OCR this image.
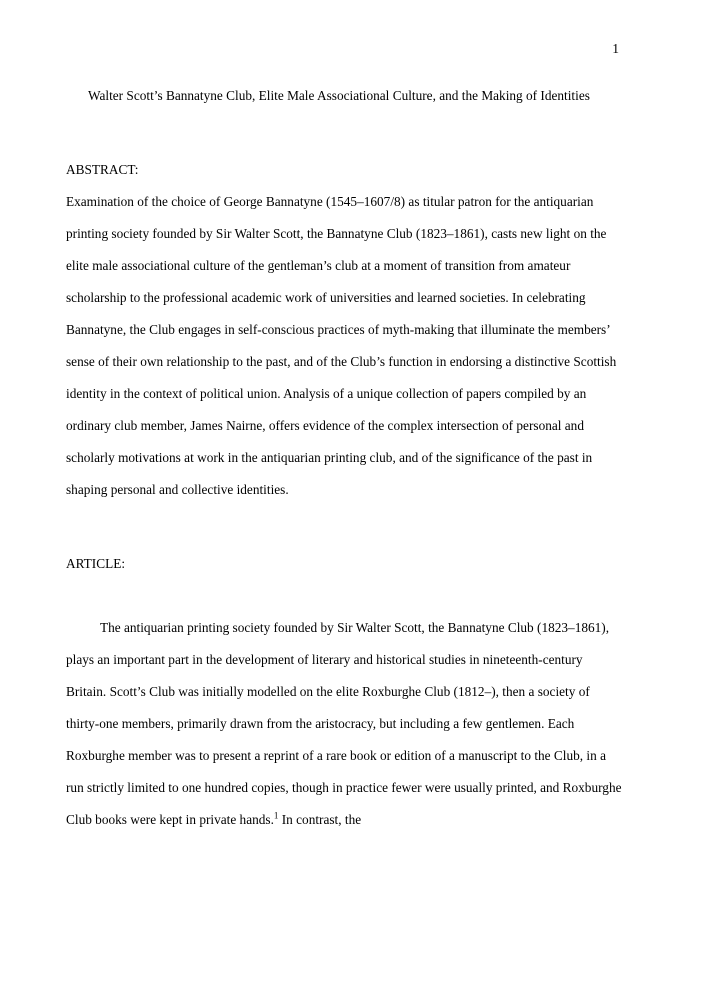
1

Walter Scott’s Bannatyne Club, Elite Male Associational Culture, and the Making of Identities

ABSTRACT:

Examination of the choice of George Bannatyne (1545–1607/8) as titular patron for the antiquarian printing society founded by Sir Walter Scott, the Bannatyne Club (1823–1861), casts new light on the elite male associational culture of the gentleman’s club at a moment of transition from amateur scholarship to the professional academic work of universities and learned societies. In celebrating Bannatyne, the Club engages in self-conscious practices of myth-making that illuminate the members’ sense of their own relationship to the past, and of the Club’s function in endorsing a distinctive Scottish identity in the context of political union. Analysis of a unique collection of papers compiled by an ordinary club member, James Nairne, offers evidence of the complex intersection of personal and scholarly motivations at work in the antiquarian printing club, and of the significance of the past in shaping personal and collective identities.

ARTICLE:

The antiquarian printing society founded by Sir Walter Scott, the Bannatyne Club (1823–1861), plays an important part in the development of literary and historical studies in nineteenth-century Britain. Scott’s Club was initially modelled on the elite Roxburghe Club (1812–), then a society of thirty-one members, primarily drawn from the aristocracy, but including a few gentlemen. Each Roxburghe member was to present a reprint of a rare book or edition of a manuscript to the Club, in a run strictly limited to one hundred copies, though in practice fewer were usually printed, and Roxburghe Club books were kept in private hands.$^1$ In contrast, the
